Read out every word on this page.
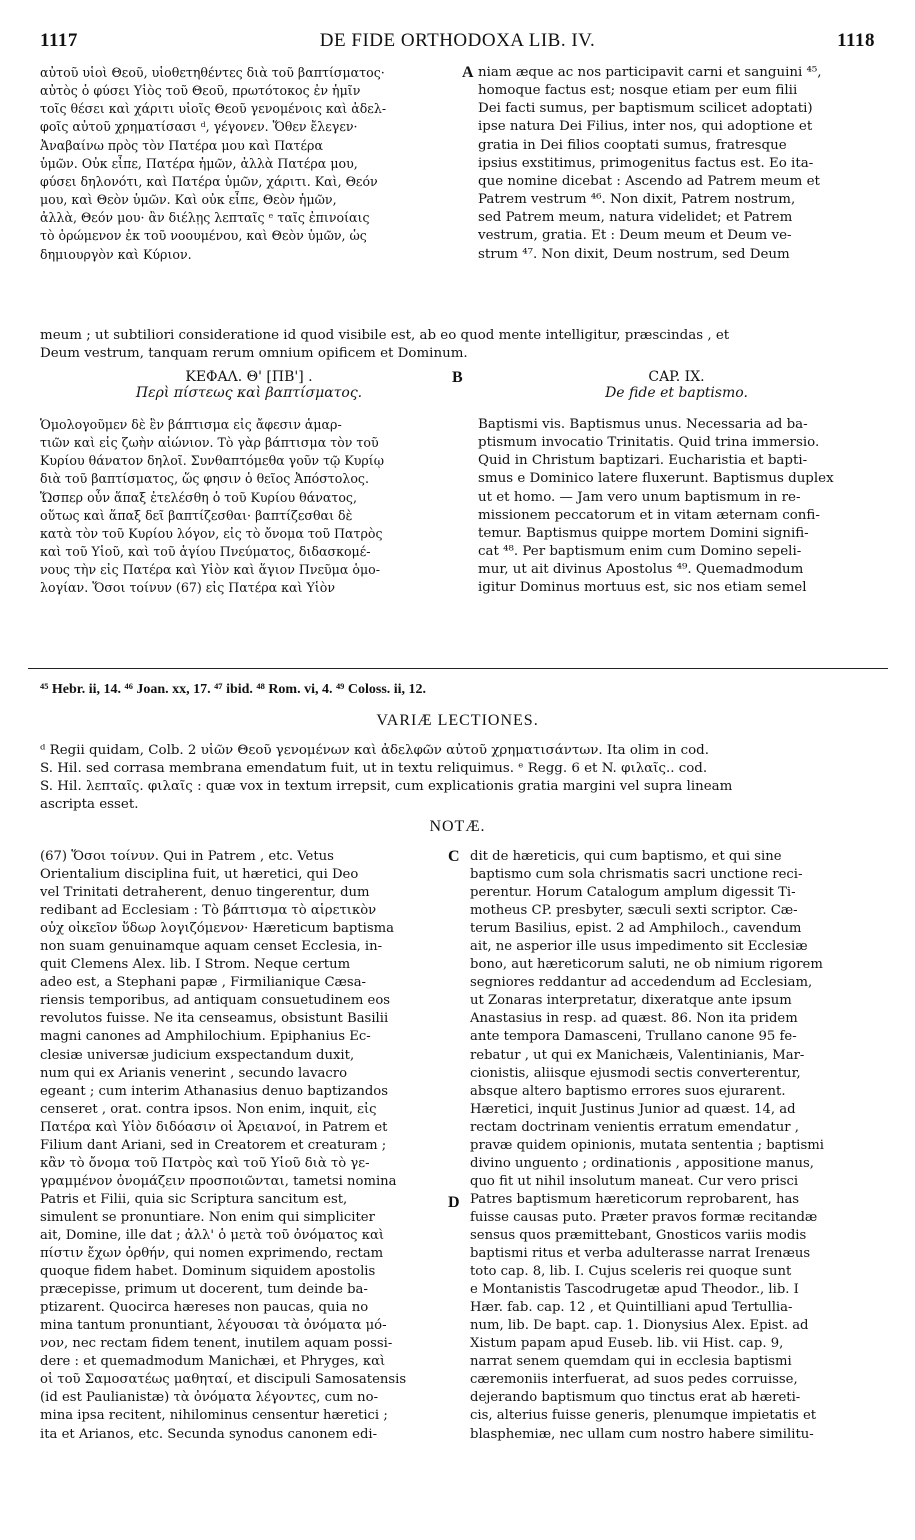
1117	DE FIDE ORTHODOXA LIB. IV.	1118
αὐτοῦ υἱοὶ Θεοῦ, υἱοθετηθέντες διὰ τοῦ βαπτίσματος·
αὐτὸς ὁ φύσει Υἱὸς τοῦ Θεοῦ, πρωτότοκος ἐν ἡμῖν
τοῖς θέσει καὶ χάριτι υἱοῖς Θεοῦ γενομένοις καὶ ἀδελ-
φοῖς αὐτοῦ χρηματίσασι ᵈ, γέγονεν. Ὅθεν ἔλεγεν·
Ἀναβαίνω πρὸς τὸν Πατέρα μου καὶ Πατέρα
ὑμῶν. Οὐκ εἶπε, Πατέρα ἡμῶν, ἀλλὰ Πατέρα μου,
φύσει δηλονότι, καὶ Πατέρα ὑμῶν, χάριτι. Καὶ, Θεόν
μου, καὶ Θεὸν ὑμῶν. Καὶ οὐκ εἶπε, Θεὸν ἡμῶν,
ἀλλὰ, Θεόν μου· ἂν διέλῃς λεπταῖς ᵉ ταῖς ἐπινοίαις
τὸ ὁρώμενον ἐκ τοῦ νοουμένου, καὶ Θεὸν ὑμῶν, ὡς
δημιουργὸν καὶ Κύριον.
A niam æque ac nos participavit carni et sanguini ⁴⁵,
homoque factus est; nosque etiam per eum filii
Dei facti sumus, per baptismum scilicet adoptati)
ipse natura Dei Filius, inter nos, qui adoptione et
gratia in Dei filios cooptati sumus, fratresque
ipsius exstitimus, primogenitus factus est. Eo ita-
que nomine dicebat : Ascendo ad Patrem meum et
Patrem vestrum ⁴⁶. Non dixit, Patrem nostrum,
sed Patrem meum, natura videlidet; et Patrem
vestrum, gratia. Et : Deum meum et Deum ve-
strum ⁴⁷. Non dixit, Deum nostrum, sed Deum
meum ; ut subtiliori consideratione id quod visibile est, ab eo quod mente intelligitur, præscindas , et
Deum vestrum, tanquam rerum omnium opificem et Dominum.
ΚΕΦΑΛ. Θ' [ΠΒ'] .
Περὶ πίστεως καὶ βαπτίσματος.
B	CAP. IX.
De fide et baptismo.
Ὁμολογοῦμεν δὲ ἓν βάπτισμα εἰς ἄφεσιν ἁμαρ-
τιῶν καὶ εἰς ζωὴν αἰώνιον. Τὸ γὰρ βάπτισμα τὸν τοῦ
Κυρίου θάνατον δηλοῖ. Συνθαπτόμεθα γοῦν τῷ Κυρίῳ
διὰ τοῦ βαπτίσματος, ὥς φησιν ὁ θεῖος Ἀπόστολος.
Ὥσπερ οὖν ἅπαξ ἐτελέσθη ὁ τοῦ Κυρίου θάνατος,
οὕτως καὶ ἅπαξ δεῖ βαπτίζεσθαι· βαπτίζεσθαι δὲ
κατὰ τὸν τοῦ Κυρίου λόγον, εἰς τὸ ὄνομα τοῦ Πατρὸς
καὶ τοῦ Υἱοῦ, καὶ τοῦ ἁγίου Πνεύματος, διδασκομέ-
νους τὴν εἰς Πατέρα καὶ Υἱὸν καὶ ἅγιον Πνεῦμα ὁμο-
λογίαν. Ὅσοι τοίνυν (67) εἰς Πατέρα καὶ Υἱὸν
Baptismi vis. Baptismus unus. Necessaria ad ba-
ptismum invocatio Trinitatis. Quid trina immersio.
Quid in Christum baptizari. Eucharistia et bapti-
smus e Dominico latere fluxerunt. Baptismus duplex
ut et homo. — Jam vero unum baptismum in re-
missionem peccatorum et in vitam æternam confi-
temur. Baptismus quippe mortem Domini signifi-
cat ⁴⁸. Per baptismum enim cum Domino sepeli-
mur, ut ait divinus Apostolus ⁴⁹. Quemadmodum
igitur Dominus mortuus est, sic nos etiam semel
⁴⁵ Hebr. ii, 14. ⁴⁶ Joan. xx, 17. ⁴⁷ ibid. ⁴⁸ Rom. vi, 4. ⁴⁹ Coloss. ii, 12.
VARIÆ LECTIONES.
ᵈ Regii quidam, Colb. 2 υἱῶν Θεοῦ γενομένων καὶ ἀδελφῶν αὐτοῦ χρηματισάντων. Ita olim in cod.
S. Hil. sed corrasa membrana emendatum fuit, ut in textu reliquimus. ᵉ Regg. 6 et N. φιλαῖς.. cod.
S. Hil. λεπταῖς. φιλαῖς : quæ vox in textum irrepsit, cum explicationis gratia margini vel supra lineam
ascripta esset.
NOTÆ.
(67) Ὅσοι τοίνυν. Qui in Patrem , etc. Vetus
Orientalium disciplina fuit, ut hæretici, qui Deo
vel Trinitati detraherent, denuo tingerentur, dum
redibant ad Ecclesiam : Τὸ βάπτισμα τὸ αἱρετικὸν
οὐχ οἰκεῖον ὕδωρ λογιζόμενον· Hæreticum baptisma
non suam genuinamque aquam censet Ecclesia, in-
quit Clemens Alex. lib. I Strom. Neque certum
adeo est, a Stephani papæ , Firmilianique Cæsa-
riensis temporibus, ad antiquam consuetudinem eos
revolutos fuisse. Ne ita censeamus, obsistunt Basilii
magni canones ad Amphilochium. Epiphanius Ec-
clesiæ universæ judicium exspectandum duxit,
num qui ex Arianis venerint , secundo lavacro
egeant ; cum interim Athanasius denuo baptizandos
censeret , orat. contra ipsos. Non enim, inquit, εἰς
Πατέρα καὶ Υἱὸν διδόασιν οἱ Ἀρειανοί, in Patrem et
Filium dant Ariani, sed in Creatorem et creaturam ;
κἂν τὸ ὄνομα τοῦ Πατρὸς καὶ τοῦ Υἱοῦ διὰ τὸ γε-
γραμμένον ὀνομάζειν προσποιῶνται, tametsi nomina
Patris et Filii, quia sic Scriptura sancitum est,
simulent se pronuntiare. Non enim qui simpliciter
ait, Domine, ille dat ; ἀλλ' ὁ μετὰ τοῦ ὀνόματος καὶ
πίστιν ἔχων ὀρθήν, qui nomen exprimendo, rectam
quoque fidem habet. Dominum siquidem apostolis
præcepisse, primum ut docerent, tum deinde ba-
ptizarent. Quocirca hæreses non paucas, quia no
mina tantum pronuntiant, λέγουσαι τὰ ὀνόματα μό-
νον, nec rectam fidem tenent, inutilem aquam possi-
dere : et quemadmodum Manichæi, et Phryges, καὶ
οἱ τοῦ Σαμοσατέως μαθηταί, et discipuli Samosatensis
(id est Paulianistæ) τὰ ὀνόματα λέγοντες, cum no-
mina ipsa recitent, nihilominus censentur hæretici ;
ita et Arianos, etc. Secunda synodus canonem edi-
C
D
dit de hæreticis, qui cum baptismo, et qui sine
baptismo cum sola chrismatis sacri unctione reci-
perentur. Horum Catalogum amplum digessit Ti-
motheus CP. presbyter, sæculi sexti scriptor. Cæ-
terum Basilius, epist. 2 ad Amphiloch., cavendum
ait, ne asperior ille usus impedimento sit Ecclesiæ
bono, aut hæreticorum saluti, ne ob nimium rigorem
segniores reddantur ad accedendum ad Ecclesiam,
ut Zonaras interpretatur, dixeratque ante ipsum
Anastasius in resp. ad quæst. 86. Non ita pridem
ante tempora Damasceni, Trullano canone 95 fe-
rebatur , ut qui ex Manichæis, Valentinianis, Mar-
cionistis, aliisque ejusmodi sectis converterentur,
absque altero baptismo errores suos ejurarent.
Hæretici, inquit Justinus Junior ad quæst. 14, ad
rectam doctrinam venientis erratum emendatur ,
pravæ quidem opinionis, mutata sententia ; baptismi
divino unguento ; ordinationis , appositione manus,
quo fit ut nihil insolutum maneat. Cur vero prisci
Patres baptismum hæreticorum reprobarent, has
fuisse causas puto. Præter pravos formæ recitandæ
sensus quos præmittebant, Gnosticos variis modis
baptismi ritus et verba adulterasse narrat Irenæus
toto cap. 8, lib. I. Cujus sceleris rei quoque sunt
e Montanistis Tascodrugetæ apud Theodor., lib. I
Hær. fab. cap. 12 , et Quintilliani apud Tertullia-
num, lib. De bapt. cap. 1. Dionysius Alex. Epist. ad
Xistum papam apud Euseb. lib. vii Hist. cap. 9,
narrat senem quemdam qui in ecclesia baptismi
cæremoniis interfuerat, ad suos pedes corruisse,
dejerando baptismum quo tinctus erat ab hæreti-
cis, alterius fuisse generis, plenumque impietatis et
blasphemiæ, nec ullam cum nostro habere similitu-
